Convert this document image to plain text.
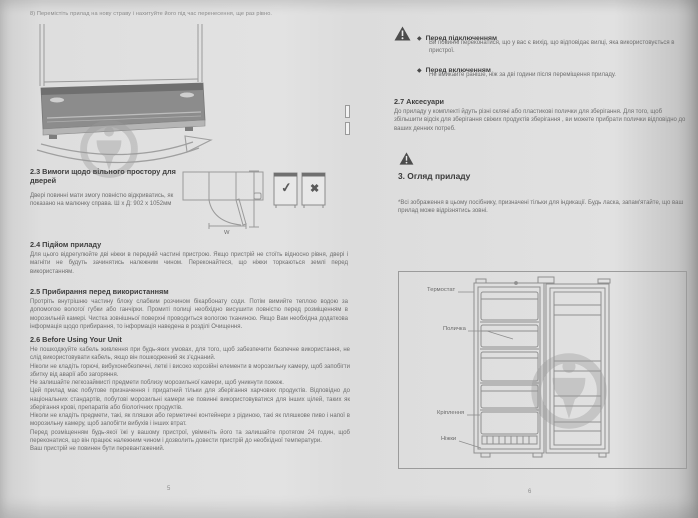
8) Перемістіть прилад на нову страву і нахитуйте його під час перенесення, ще раз рівно.
2.3 Вимоги щодо вільного простору для дверей
Двері повинні мати змогу повністю відкриватись, як показано на малюнку справа. Ш х Д: 902 х 1052мм
W
✓ ✖
2.4 Підйом приладу
Для цього відрегулюйте дві ніжки в передній частині пристрою. Якщо пристрій не стоїть відносно рівня, двері і магніти не будуть зачинятись належним чином. Переконайтеся, що ніжки торкаються землі перед використанням.
2.5 Прибирання перед використанням
Протріть внутрішню частину блоку слабким розчином бікарбонату соди. Потім вимийте теплою водою за допомогою вологої губки або ганчірки. Промиті полиці необхідно висушити повністю перед розміщенням в морозильній камері. Чистка зовнішньої поверхні проводиться вологою тканиною. Якщо Вам необхідна додаткова інформація щодо прибирання, то інформація наведена в розділі Очищення.
2.6 Before Using Your Unit

Не пошкоджуйте кабель живлення при будь-яких умовах, для того, щоб забезпечити безпечне використання, не слід використовувати кабель, якщо він пошкоджений як з'єднаний.

Ніколи не кладіть горючі, вибухонебезпечні, леткі і високо корозійні елементи в морозильну камеру, щоб запобігти збитку від аварії або загоряння.

Не залишайте легкозаймисті предмети поблизу морозильної камери, щоб уникнути пожеж.

Цей прилад має побутове призначення і придатний тільки для зберігання харчових продуктів. Відповідно до національних стандартів, побутові морозильні камери не повинні використовуватися для інших цілей, таких як зберігання крові, препаратів або біологічних продуктів.

Ніколи не кладіть предмети, такі, як пляшки або герметичні контейнери з рідиною, такі як пляшкове пиво і напої в морозильну камеру, щоб запобігти вибухів і інших втрат.

Перед розміщенням будь-якої їжі у вашому пристрої, увімкніть його та залишайте протягом 24 годин, щоб переконатися, що він працює належним чином і дозволить довести пристрій до необхідної температури.

Ваш пристрій не повинен бути перевантажений.

5
◆ Перед підключенням
Ви повинні переконатися, що у вас є вихід, що відповідає вилці, яка використовується в пристрої.
◆ Перед включенням
Не вмикайте раніше, ніж за дві години після переміщення приладу.
2.7 Аксесуари
До приладу у комплекті йдуть різні скляні або пластикові полички для зберігання. Для того, щоб збільшити відсік для зберігання свіжих продуктів зберігання , ви можете прибрати полички відповідно до ваших денних потреб.
3. Огляд приладу
*Всі зображення в цьому посібнику, призначені тільки для індикації. Будь ласка, запам'ятайте, що ваш прилад може відрізнятись зовні.
Термостат
Поличка
Кріплення
Ніжки
6
